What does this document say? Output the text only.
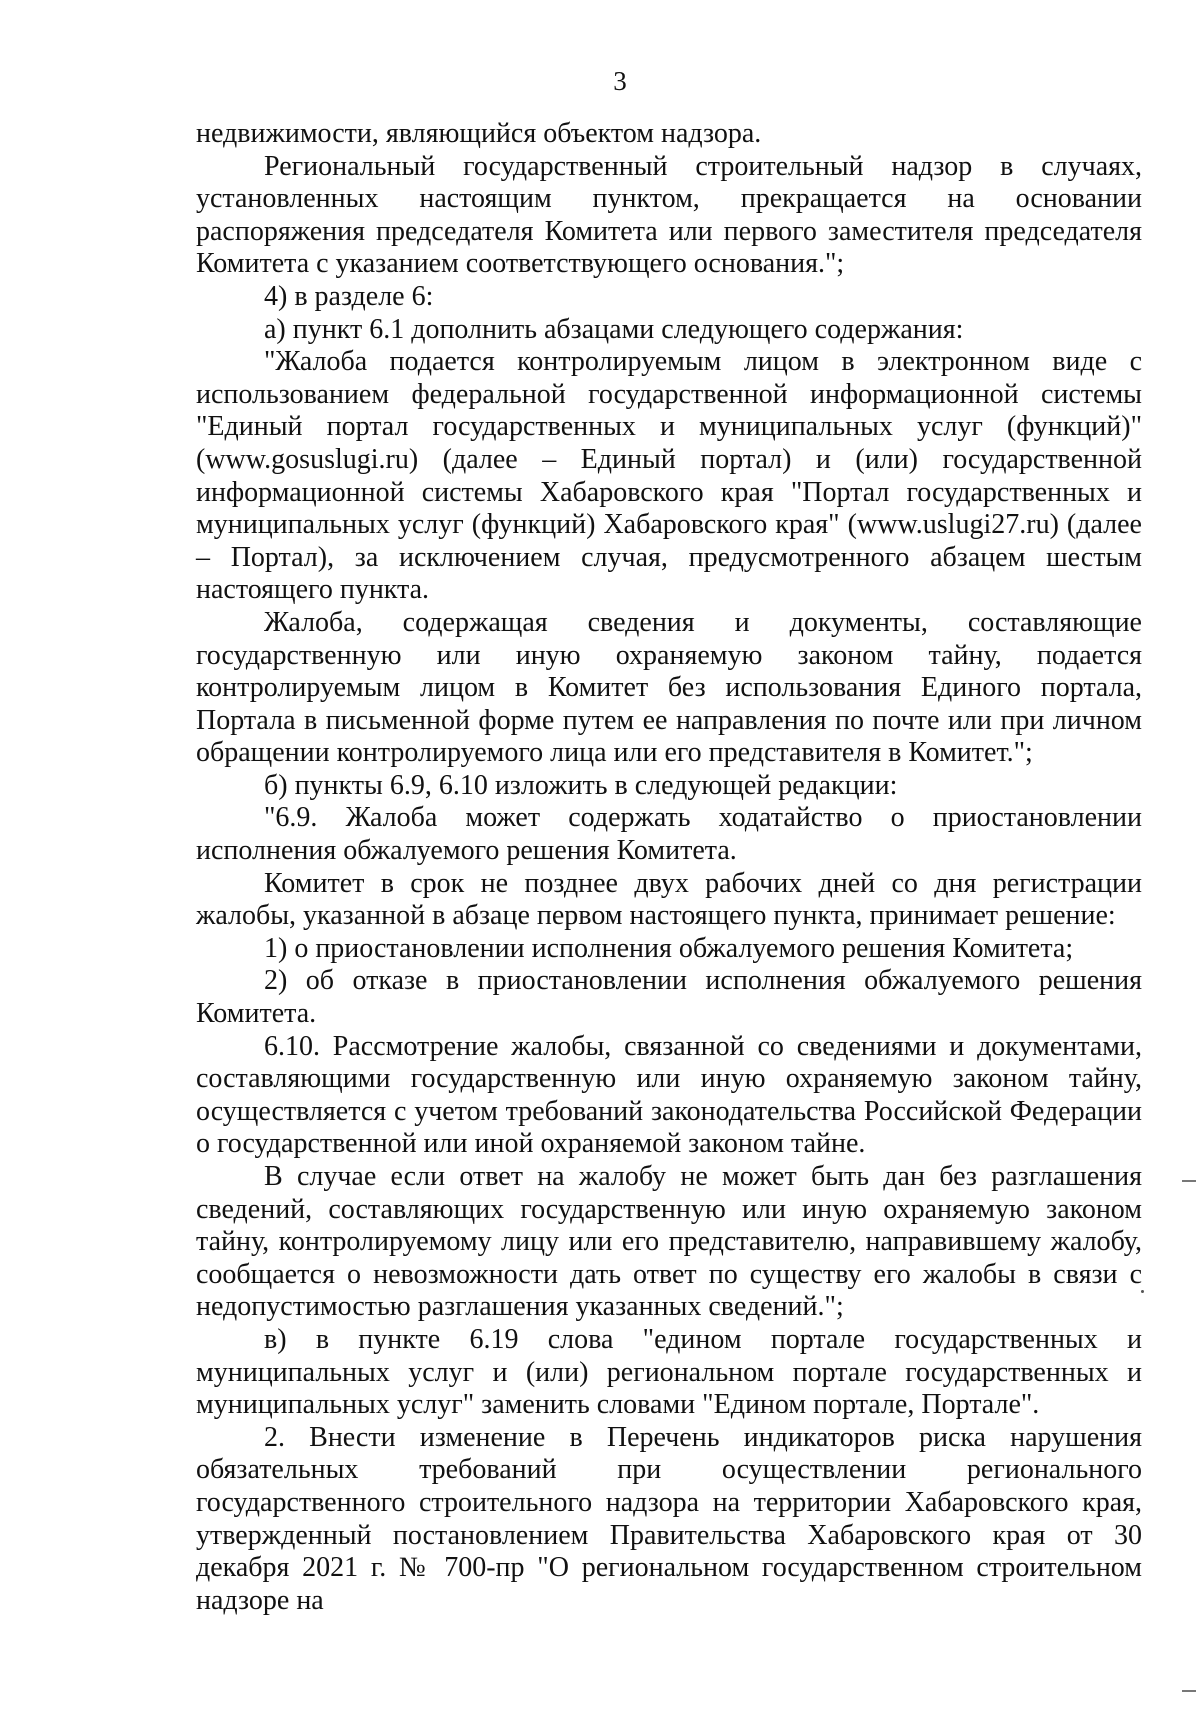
3

недвижимости, являющийся объектом надзора.

Региональный государственный строительный надзор в случаях, установленных настоящим пунктом, прекращается на основании распоряжения председателя Комитета или первого заместителя председателя Комитета с указанием соответствующего основания.";

4) в разделе 6:

а) пункт 6.1 дополнить абзацами следующего содержания:

"Жалоба подается контролируемым лицом в электронном виде с использованием федеральной государственной информационной системы "Единый портал государственных и муниципальных услуг (функций)" (www.gosuslugi.ru) (далее – Единый портал) и (или) государственной информационной системы Хабаровского края "Портал государственных и муниципальных услуг (функций) Хабаровского края" (www.uslugi27.ru) (далее – Портал), за исключением случая, предусмотренного абзацем шестым настоящего пункта.

Жалоба, содержащая сведения и документы, составляющие государственную или иную охраняемую законом тайну, подается контролируемым лицом в Комитет без использования Единого портала, Портала в письменной форме путем ее направления по почте или при личном обращении контролируемого лица или его представителя в Комитет.";

б) пункты 6.9, 6.10 изложить в следующей редакции:

"6.9. Жалоба может содержать ходатайство о приостановлении исполнения обжалуемого решения Комитета.

Комитет в срок не позднее двух рабочих дней со дня регистрации жалобы, указанной в абзаце первом настоящего пункта, принимает решение:

1) о приостановлении исполнения обжалуемого решения Комитета;

2) об отказе в приостановлении исполнения обжалуемого решения Комитета.

6.10. Рассмотрение жалобы, связанной со сведениями и документами, составляющими государственную или иную охраняемую законом тайну, осуществляется с учетом требований законодательства Российской Федерации о государственной или иной охраняемой законом тайне.

В случае если ответ на жалобу не может быть дан без разглашения сведений, составляющих государственную или иную охраняемую законом тайну, контролируемому лицу или его представителю, направившему жалобу, сообщается о невозможности дать ответ по существу его жалобы в связи с недопустимостью разглашения указанных сведений.";

в) в пункте 6.19 слова "едином портале государственных и муниципальных услуг и (или) региональном портале государственных и муниципальных услуг" заменить словами "Едином портале, Портале".

2. Внести изменение в Перечень индикаторов риска нарушения обязательных требований при осуществлении регионального государственного строительного надзора на территории Хабаровского края, утвержденный постановлением Правительства Хабаровского края от 30 декабря 2021 г. № 700-пр "О региональном государственном строительном надзоре на
